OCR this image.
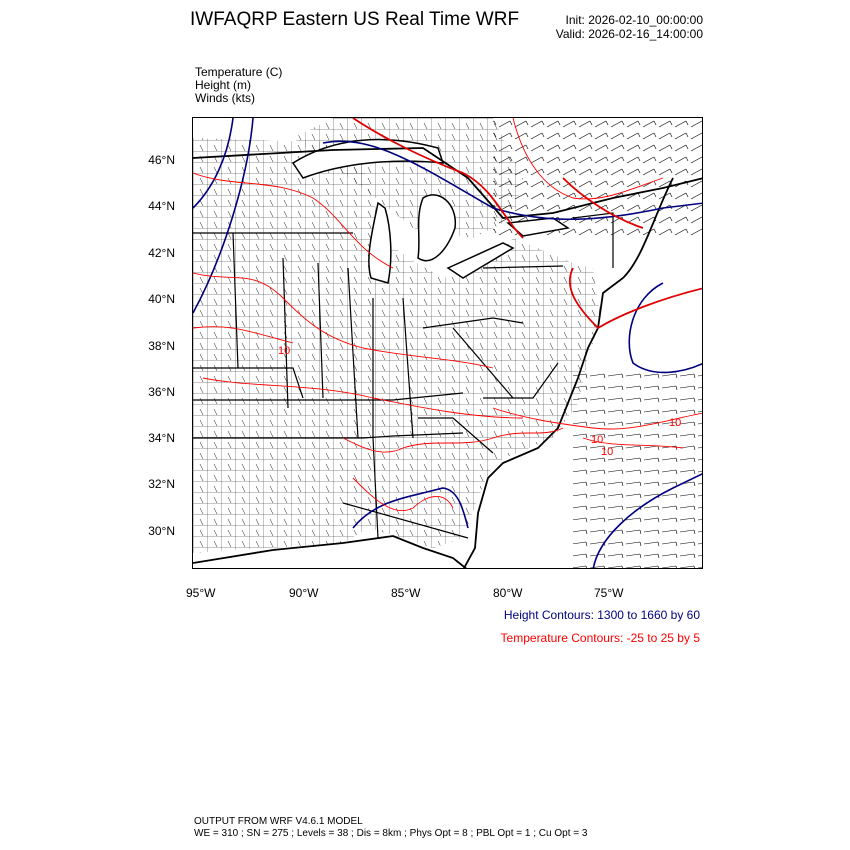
IWFAQRP Eastern US Real Time WRF	Init: 2026-02-10_00:00:00
Valid: 2026-02-16_14:00:00
Temperature (C)
Height (m)
Winds (kts)
10
10
10
10
46°N
44°N
42°N
40°N
38°N
36°N
34°N
32°N
30°N
95°W	90°W	85°W	80°W	75°W
Height Contours: 1300 to 1660 by 60
Temperature Contours: -25 to 25 by 5
OUTPUT FROM WRF V4.6.1 MODEL
WE = 310 ; SN = 275 ; Levels = 38 ; Dis = 8km ; Phys Opt = 8 ; PBL Opt = 1 ; Cu Opt = 3
